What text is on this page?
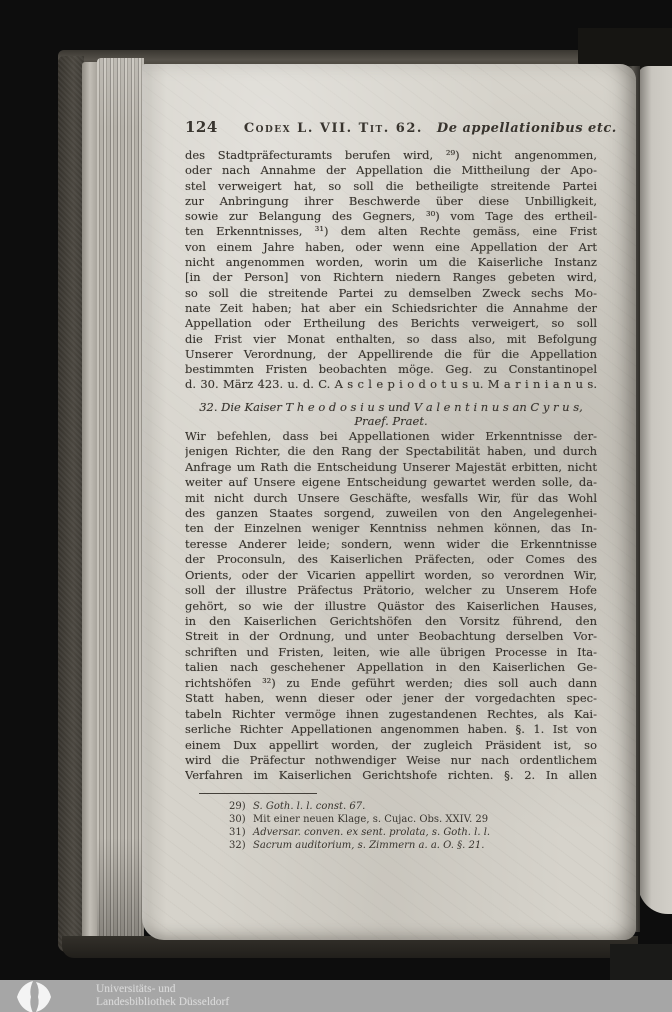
124 Codex L. VII. Tit. 62. De appellationibus etc.
des Stadtpräfecturamts berufen wird, ²⁹) nicht angenommen,
oder nach Annahme der Appellation die Mittheilung der Apo-
stel verweigert hat, so soll die betheiligte streitende Partei
zur Anbringung ihrer Beschwerde über diese Unbilligkeit,
sowie zur Belangung des Gegners, ³⁰) vom Tage des ertheil-
ten Erkenntnisses, ³¹) dem alten Rechte gemäss, eine Frist
von einem Jahre haben, oder wenn eine Appellation der Art
nicht angenommen worden, worin um die Kaiserliche Instanz
[in der Person] von Richtern niedern Ranges gebeten wird,
so soll die streitende Partei zu demselben Zweck sechs Mo-
nate Zeit haben; hat aber ein Schiedsrichter die Annahme der
Appellation oder Ertheilung des Berichts verweigert, so soll
die Frist vier Monat enthalten, so dass also, mit Befolgung
Unserer Verordnung, der Appellirende die für die Appellation
bestimmten Fristen beobachten möge. Geg. zu Constantinopel
d. 30. März 423. u. d. C. A s c l e p i o d o t u s u. M a r i n i a n u s.
32. Die Kaiser T h e o d o s i u s und V a l e n t i n u s an C y r u s,
Praef. Praet.
Wir befehlen, dass bei Appellationen wider Erkenntnisse der-
jenigen Richter, die den Rang der Spectabilität haben, und durch
Anfrage um Rath die Entscheidung Unserer Majestät erbitten, nicht
weiter auf Unsere eigene Entscheidung gewartet werden solle, da-
mit nicht durch Unsere Geschäfte, wesfalls Wir, für das Wohl
des ganzen Staates sorgend, zuweilen von den Angelegenhei-
ten der Einzelnen weniger Kenntniss nehmen können, das In-
teresse Anderer leide; sondern, wenn wider die Erkenntnisse
der Proconsuln, des Kaiserlichen Präfecten, oder Comes des
Orients, oder der Vicarien appellirt worden, so verordnen Wir,
soll der illustre Präfectus Prätorio, welcher zu Unserem Hofe
gehört, so wie der illustre Quästor des Kaiserlichen Hauses,
in den Kaiserlichen Gerichtshöfen den Vorsitz führend, den
Streit in der Ordnung, und unter Beobachtung derselben Vor-
schriften und Fristen, leiten, wie alle übrigen Processe in Ita-
talien nach geschehener Appellation in den Kaiserlichen Ge-
richtshöfen ³²) zu Ende geführt werden; dies soll auch dann
Statt haben, wenn dieser oder jener der vorgedachten spec-
tabeln Richter vermöge ihnen zugestandenen Rechtes, als Kai-
serliche Richter Appellationen angenommen haben. §. 1. Ist von
einem Dux appellirt worden, der zugleich Präsident ist, so
wird die Präfectur nothwendiger Weise nur nach ordentlichem
Verfahren im Kaiserlichen Gerichtshofe richten. §. 2. In allen
29) S. Goth. l. l. const. 67.
30) Mit einer neuen Klage, s. Cujac. Obs. XXIV. 29
31) Adversar. conven. ex sent. prolata, s. Goth. l. l.
32) Sacrum auditorium, s. Zimmern a. a. O. §. 21.
Universitäts- und
Landesbibliothek Düsseldorf
